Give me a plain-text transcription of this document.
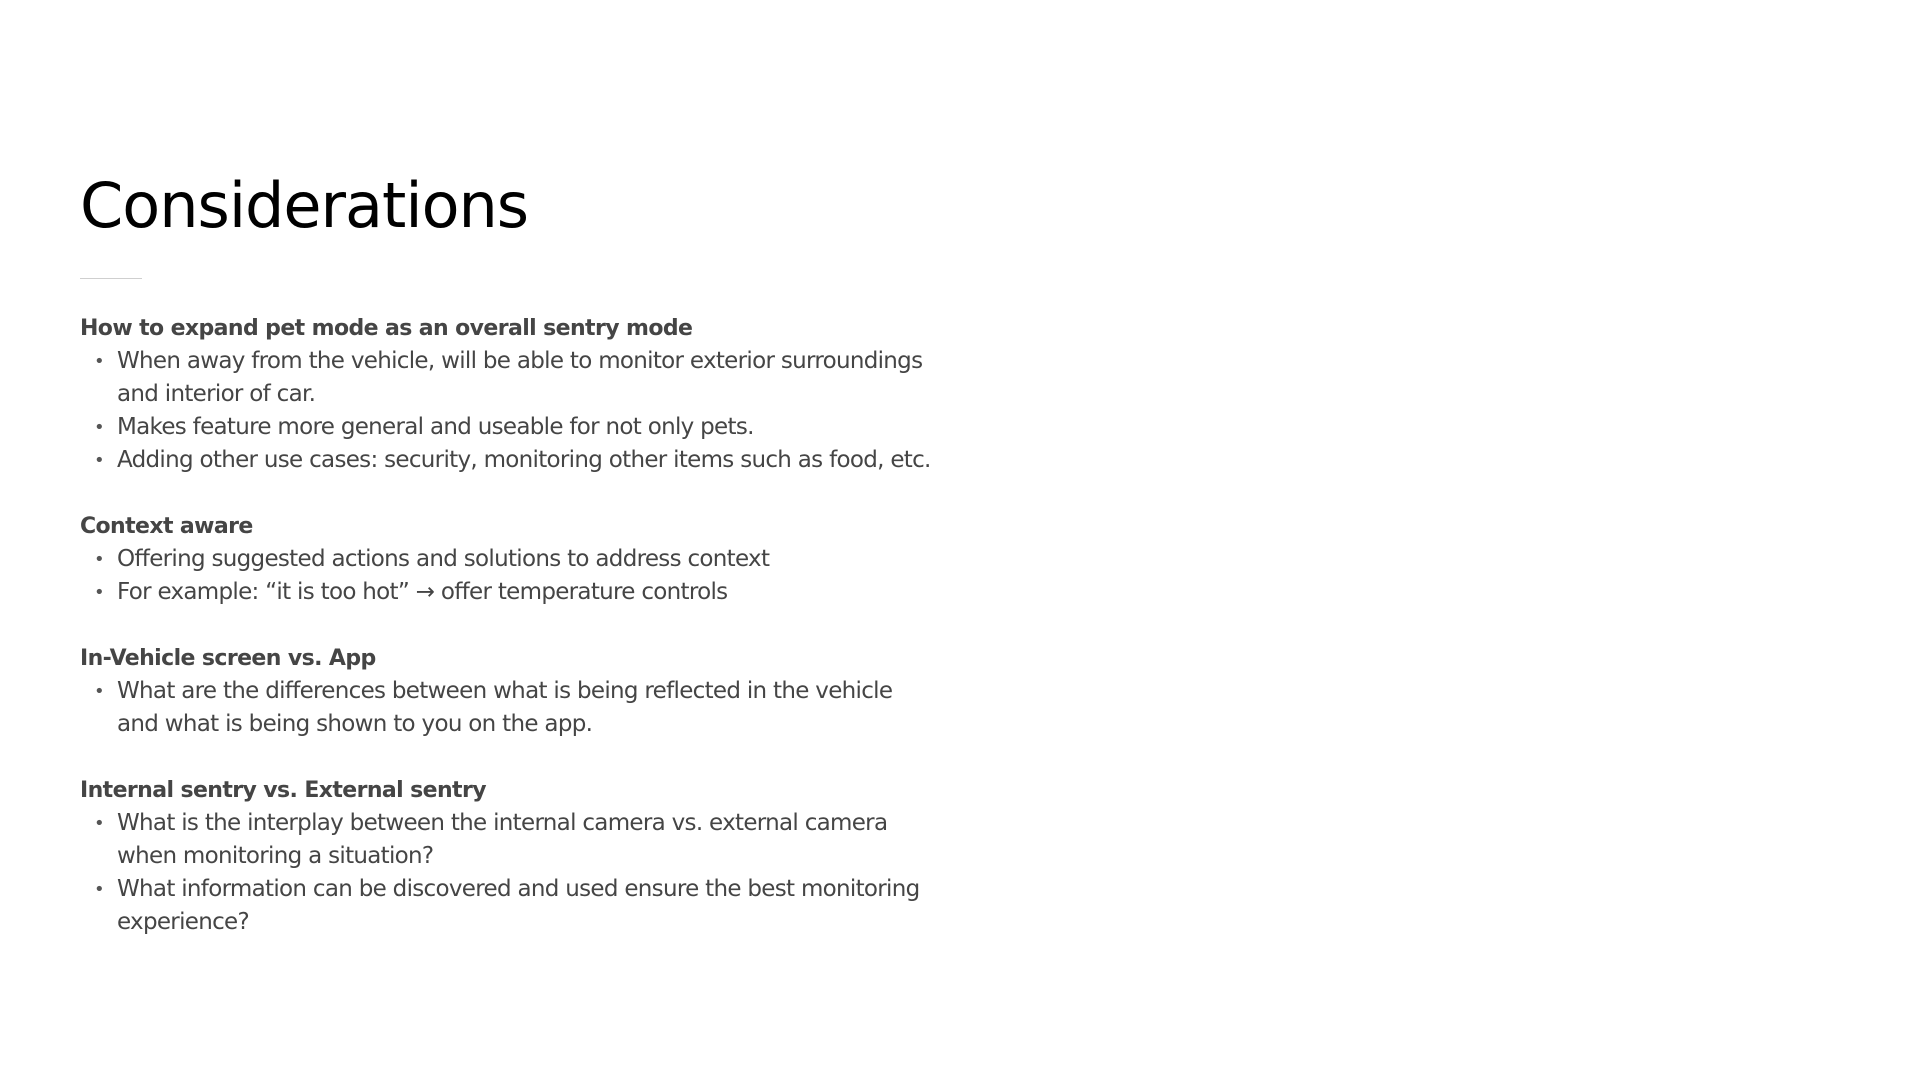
Considerations

How to expand pet mode as an overall sentry mode

• When away from the vehicle, will be able to monitor exterior surroundings and interior of car.
• Makes feature more general and useable for not only pets.
• Adding other use cases: security, monitoring other items such as food, etc.

Context aware

• Offering suggested actions and solutions to address context
• For example: “it is too hot” → offer temperature controls

In-Vehicle screen vs. App

• What are the differences between what is being reflected in the vehicle and what is being shown to you on the app.

Internal sentry vs. External sentry

• What is the interplay between the internal camera vs. external camera when monitoring a situation?
• What information can be discovered and used ensure the best monitoring experience?
